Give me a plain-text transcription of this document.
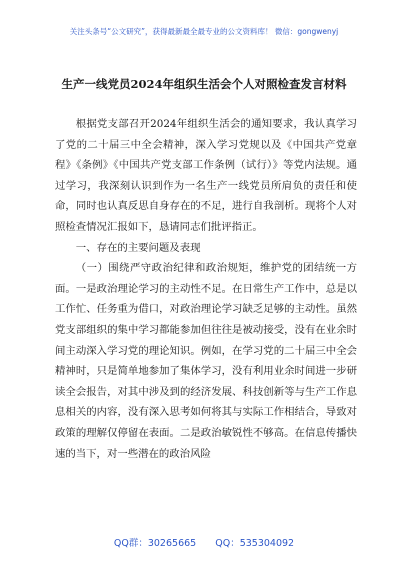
关注头条号“公文研究”，获得最新最全最专业的公文资料库！ 微信：gongwenyj
生产一线党员2024年组织生活会个人对照检查发言材料

根据党支部召开2024年组织生活会的通知要求，我认真学习了党的二十届三中全会精神，深入学习党规以及《中国共产党章程》《条例》《中国共产党支部工作条例（试行）》等党内法规。通过学习，我深刻认识到作为一名生产一线党员所肩负的责任和使命，同时也认真反思自身存在的不足，进行自我剖析。现将个人对照检查情况汇报如下，恳请同志们批评指正。

一、存在的主要问题及表现

（一）围绕严守政治纪律和政治规矩，维护党的团结统一方面。一是政治理论学习的主动性不足。在日常生产工作中，总是以工作忙、任务重为借口，对政治理论学习缺乏足够的主动性。虽然党支部组织的集中学习都能参加但往往是被动接受，没有在业余时间主动深入学习党的理论知识。例如，在学习党的二十届三中全会精神时，只是简单地参加了集体学习，没有利用业余时间进一步研读全会报告，对其中涉及到的经济发展、科技创新等与生产工作息息相关的内容，没有深入思考如何将其与实际工作相结合，导致对政策的理解仅停留在表面。二是政治敏锐性不够高。在信息传播快速的当下，对一些潜在的政治风险

QQ群：30265665 QQ：535304092
